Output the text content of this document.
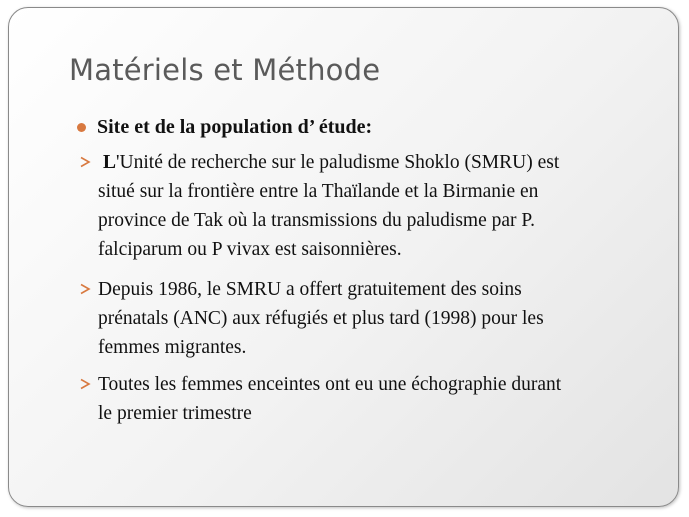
Matériels et Méthode
Site et de la population d’ étude:
L'Unité de recherche sur le paludisme Shoklo (SMRU) est
situé sur la frontière entre la Thaïlande et la Birmanie en
province de Tak où la transmissions du paludisme par P.
falciparum ou P vivax est saisonnières.
Depuis 1986, le SMRU a offert gratuitement des soins
prénatals (ANC) aux réfugiés et plus tard (1998) pour les
femmes migrantes.
Toutes les femmes enceintes ont eu une échographie durant
le premier trimestre
